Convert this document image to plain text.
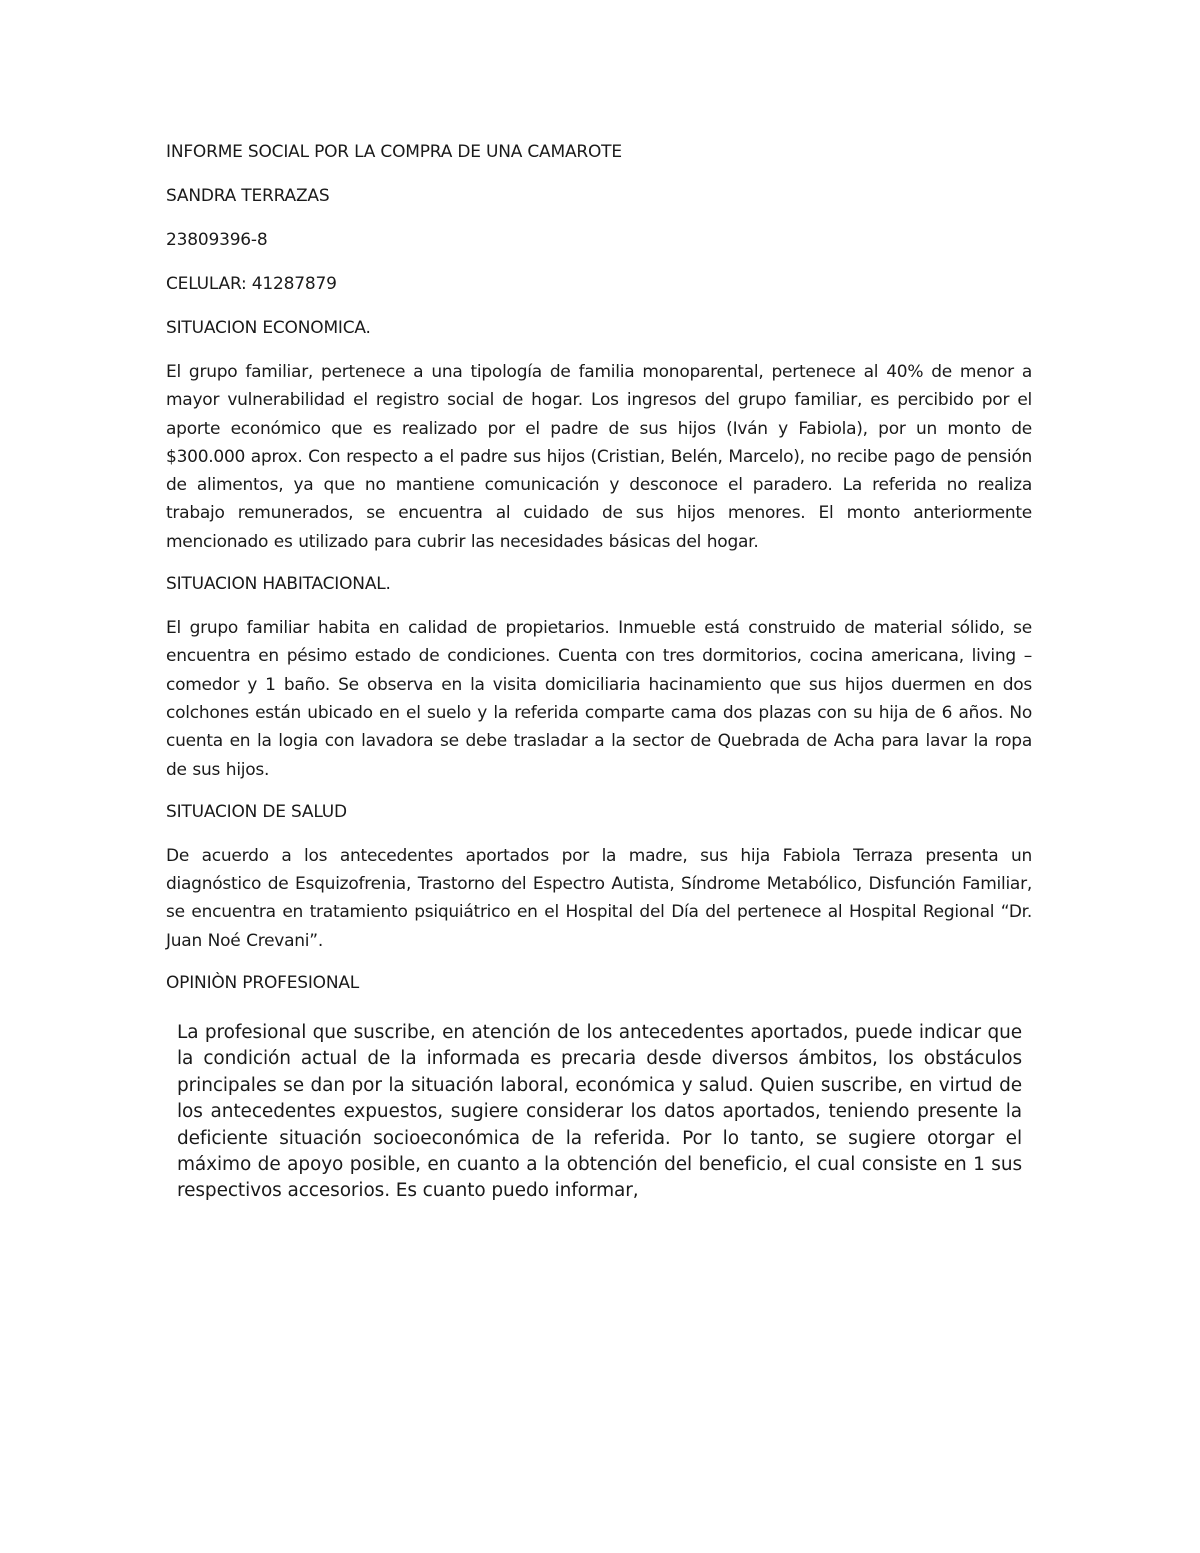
INFORME SOCIAL POR LA COMPRA DE UNA CAMAROTE

SANDRA TERRAZAS

23809396-8

CELULAR: 41287879

SITUACION ECONOMICA.

El grupo familiar, pertenece a una tipología de familia monoparental, pertenece al 40% de menor a mayor vulnerabilidad el registro social de hogar. Los ingresos del grupo familiar, es percibido por el aporte económico que es realizado por el padre de sus hijos (Iván y Fabiola), por un monto de $300.000 aprox. Con respecto a el padre sus hijos (Cristian, Belén, Marcelo), no recibe pago de pensión de alimentos, ya que no mantiene comunicación y desconoce el paradero. La referida no realiza trabajo remunerados, se encuentra al cuidado de sus hijos menores. El monto anteriormente mencionado es utilizado para cubrir las necesidades básicas del hogar.

SITUACION HABITACIONAL.

El grupo familiar habita en calidad de propietarios. Inmueble está construido de material sólido, se encuentra en pésimo estado de condiciones. Cuenta con tres dormitorios, cocina americana, living – comedor y 1 baño. Se observa en la visita domiciliaria hacinamiento que sus hijos duermen en dos colchones están ubicado en el suelo y la referida comparte cama dos plazas con su hija de 6 años. No cuenta en la logia con lavadora se debe trasladar a la sector de Quebrada de Acha para lavar la ropa de sus hijos.

SITUACION DE SALUD

De acuerdo a los antecedentes aportados por la madre, sus hija Fabiola Terraza presenta un diagnóstico de Esquizofrenia, Trastorno del Espectro Autista, Síndrome Metabólico, Disfunción Familiar, se encuentra en tratamiento psiquiátrico en el Hospital del Día del pertenece al Hospital Regional “Dr. Juan Noé Crevani”.

OPINIÒN PROFESIONAL

La profesional que suscribe, en atención de los antecedentes aportados, puede indicar que la condición actual de la informada es precaria desde diversos ámbitos, los obstáculos principales se dan por la situación laboral, económica y salud. Quien suscribe, en virtud de los antecedentes expuestos, sugiere considerar los datos aportados, teniendo presente la deficiente situación socioeconómica de la referida. Por lo tanto, se sugiere otorgar el máximo de apoyo posible, en cuanto a la obtención del beneficio, el cual consiste en 1 sus respectivos accesorios. Es cuanto puedo informar,
